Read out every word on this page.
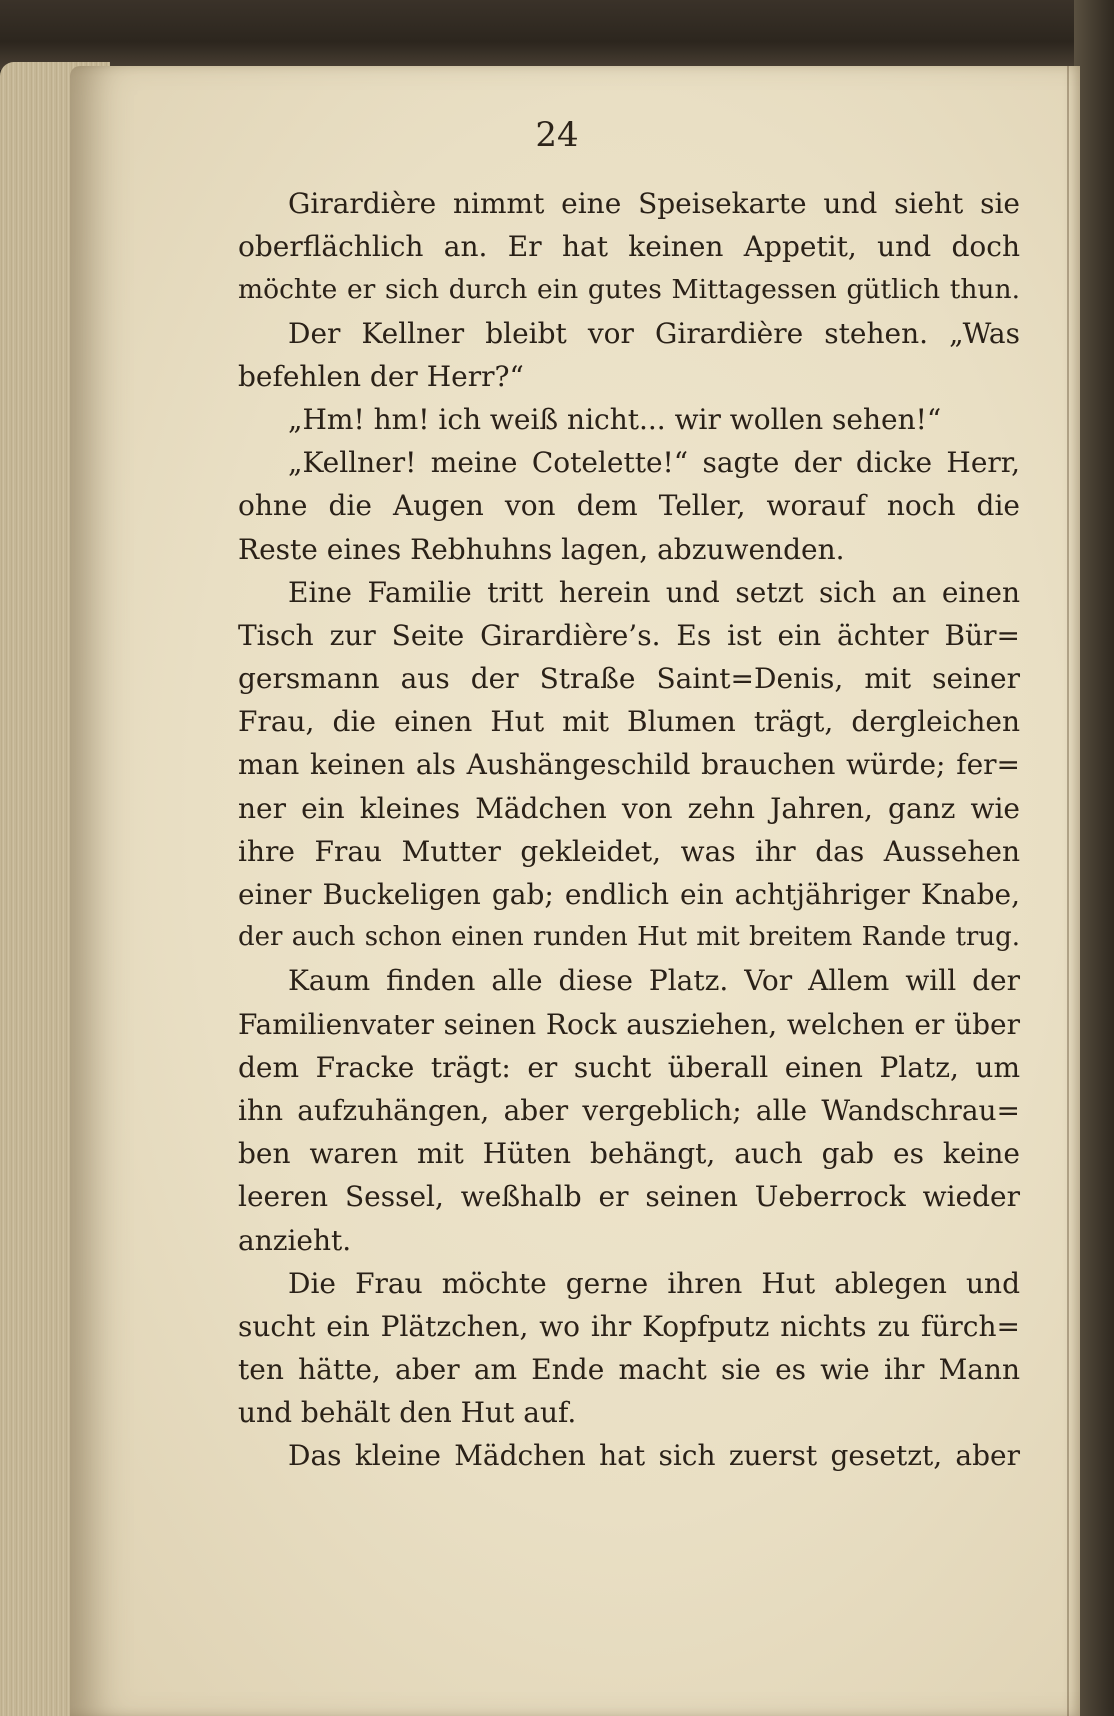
24
Girardière nimmt eine Speisekarte und sieht sie
oberflächlich an. Er hat keinen Appetit, und doch
möchte er sich durch ein gutes Mittagessen gütlich thun.
Der Kellner bleibt vor Girardière stehen. „Was
befehlen der Herr?“
„Hm! hm! ich weiß nicht... wir wollen sehen!“
„Kellner! meine Cotelette!“ sagte der dicke Herr,
ohne die Augen von dem Teller, worauf noch die
Reste eines Rebhuhns lagen, abzuwenden.
Eine Familie tritt herein und setzt sich an einen
Tisch zur Seite Girardière’s. Es ist ein ächter Bür=
gersmann aus der Straße Saint=Denis, mit seiner
Frau, die einen Hut mit Blumen trägt, dergleichen
man keinen als Aushängeschild brauchen würde; fer=
ner ein kleines Mädchen von zehn Jahren, ganz wie
ihre Frau Mutter gekleidet, was ihr das Aussehen
einer Buckeligen gab; endlich ein achtjähriger Knabe,
der auch schon einen runden Hut mit breitem Rande trug.
Kaum finden alle diese Platz. Vor Allem will der
Familienvater seinen Rock ausziehen, welchen er über
dem Fracke trägt: er sucht überall einen Platz, um
ihn aufzuhängen, aber vergeblich; alle Wandschrau=
ben waren mit Hüten behängt, auch gab es keine
leeren Sessel, weßhalb er seinen Ueberrock wieder
anzieht.
Die Frau möchte gerne ihren Hut ablegen und
sucht ein Plätzchen, wo ihr Kopfputz nichts zu fürch=
ten hätte, aber am Ende macht sie es wie ihr Mann
und behält den Hut auf.
Das kleine Mädchen hat sich zuerst gesetzt, aber
